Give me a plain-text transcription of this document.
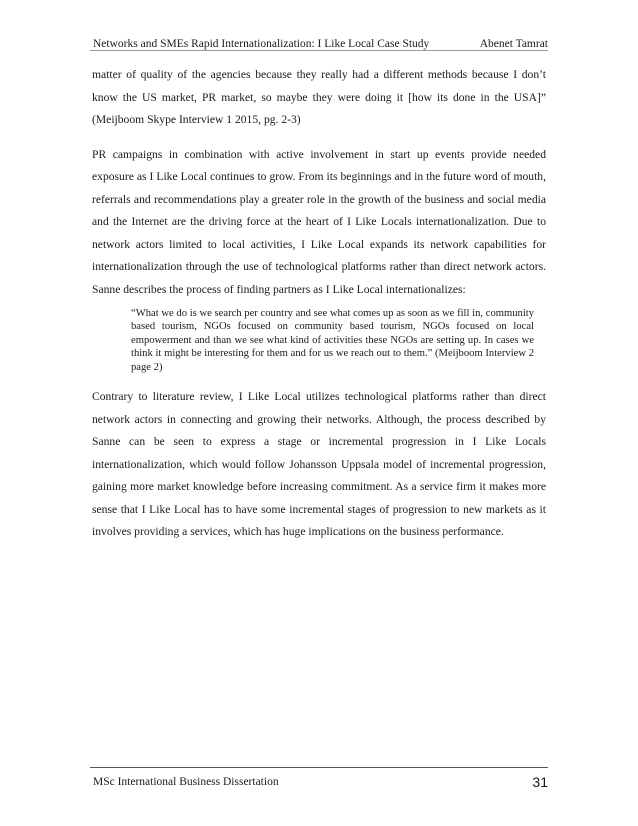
Networks and SMEs Rapid Internationalization: I Like Local Case Study	Abenet Tamrat

matter of quality of the agencies because they really had a different methods because I don’t know the US market, PR market, so maybe they were doing it [how its done in the USA]” (Meijboom Skype Interview 1 2015, pg. 2-3)

PR campaigns in combination with active involvement in start up events provide needed exposure as I Like Local continues to grow. From its beginnings and in the future word of mouth, referrals and recommendations play a greater role in the growth of the business and social media and the Internet are the driving force at the heart of I Like Locals internationalization. Due to network actors limited to local activities, I Like Local expands its network capabilities for internationalization through the use of technological platforms rather than direct network actors. Sanne describes the process of finding partners as I Like Local internationalizes:

“What we do is we search per country and see what comes up as soon as we fill in, community based tourism, NGOs focused on community based tourism, NGOs focused on local empowerment and than we see what kind of activities these NGOs are setting up. In cases we think it might be interesting for them and for us we reach out to them.” (Meijboom Interview 2 page 2)

Contrary to literature review, I Like Local utilizes technological platforms rather than direct network actors in connecting and growing their networks. Although, the process described by Sanne can be seen to express a stage or incremental progression in I Like Locals internationalization, which would follow Johansson Uppsala model of incremental progression, gaining more market knowledge before increasing commitment. As a service firm it makes more sense that I Like Local has to have some incremental stages of progression to new markets as it involves providing a services, which has huge implications on the business performance.

MSc International Business Dissertation	31
